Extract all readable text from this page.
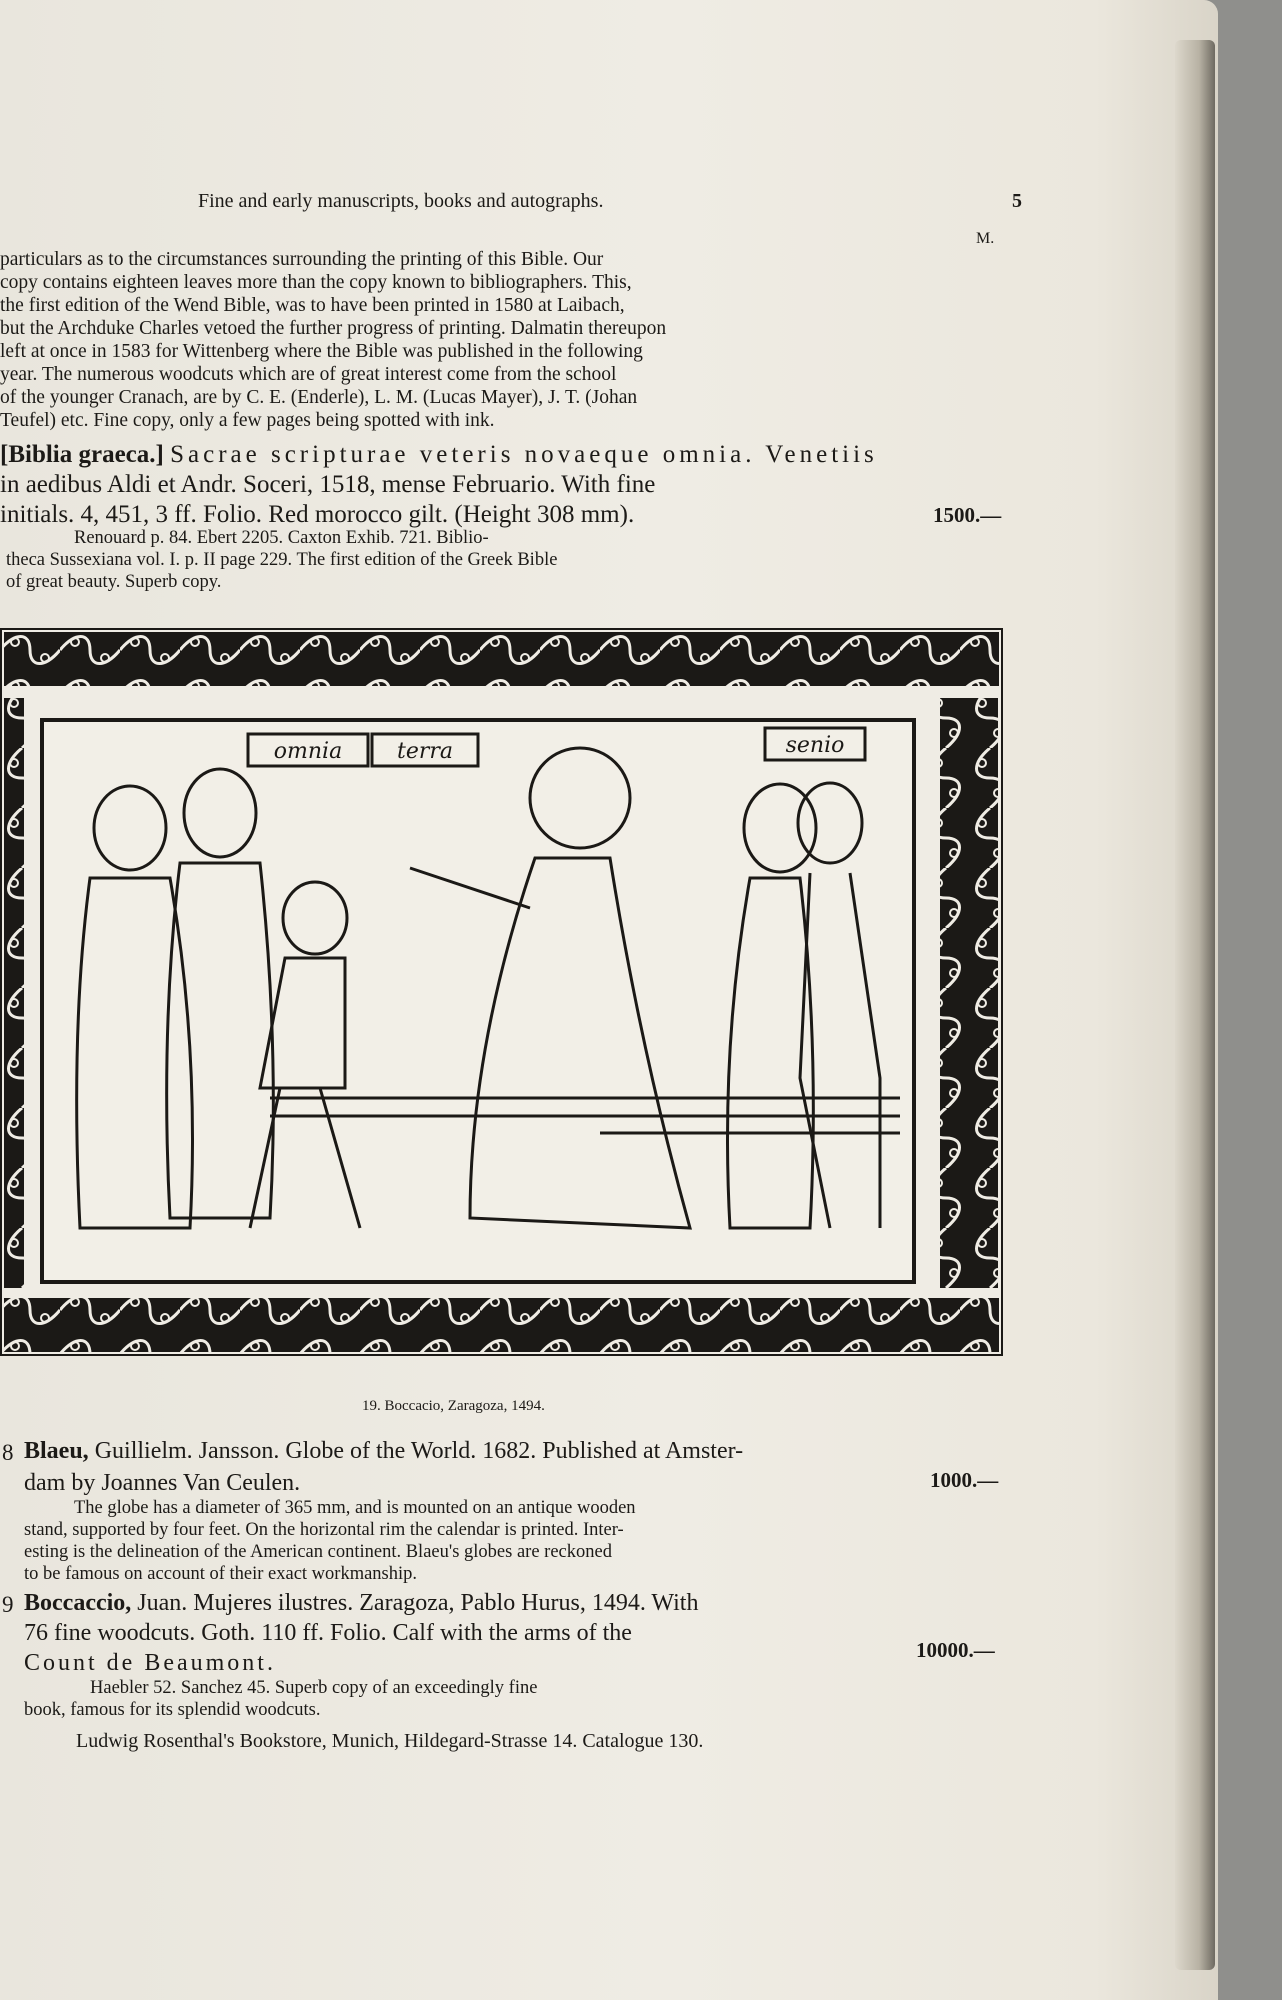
Fine and early manuscripts, books and autographs.	5
M.
particulars as to the circumstances surrounding the printing of this Bible. Our
copy contains eighteen leaves more than the copy known to bibliographers. This,
the first edition of the Wend Bible, was to have been printed in 1580 at Laibach,
but the Archduke Charles vetoed the further progress of printing. Dalmatin thereupon
left at once in 1583 for Wittenberg where the Bible was published in the following
year. The numerous woodcuts which are of great interest come from the school
of the younger Cranach, are by C. E. (Enderle), L. M. (Lucas Mayer), J. T. (Johan
Teufel) etc. Fine copy, only a few pages being spotted with ink.
[Biblia graeca.] Sacrae scripturae veteris novaeque omnia. Venetiis
in aedibus Aldi et Andr. Soceri, 1518, mense Februario. With fine
initials. 4, 451, 3 ff. Folio. Red morocco gilt. (Height 308 mm).	1500.—
Renouard p. 84. Ebert 2205. Caxton Exhib. 721. Biblio-
theca Sussexiana vol. I. p. II page 229. The first edition of the Greek Bible
of great beauty. Superb copy.
omnia terra	senio
19. Boccacio, Zaragoza, 1494.
8 Blaeu, Guillielm. Jansson. Globe of the World. 1682. Published at Amster-
dam by Joannes Van Ceulen.	1000.—
The globe has a diameter of 365 mm, and is mounted on an antique wooden
stand, supported by four feet. On the horizontal rim the calendar is printed. Inter-
esting is the delineation of the American continent. Blaeu's globes are reckoned
to be famous on account of their exact workmanship.
9 Boccaccio, Juan. Mujeres ilustres. Zaragoza, Pablo Hurus, 1494. With
76 fine woodcuts. Goth. 110 ff. Folio. Calf with the arms of the
Count de Beaumont.	10000.—
Haebler 52. Sanchez 45. Superb copy of an exceedingly fine
book, famous for its splendid woodcuts.
Ludwig Rosenthal's Bookstore, Munich, Hildegard-Strasse 14. Catalogue 130.
